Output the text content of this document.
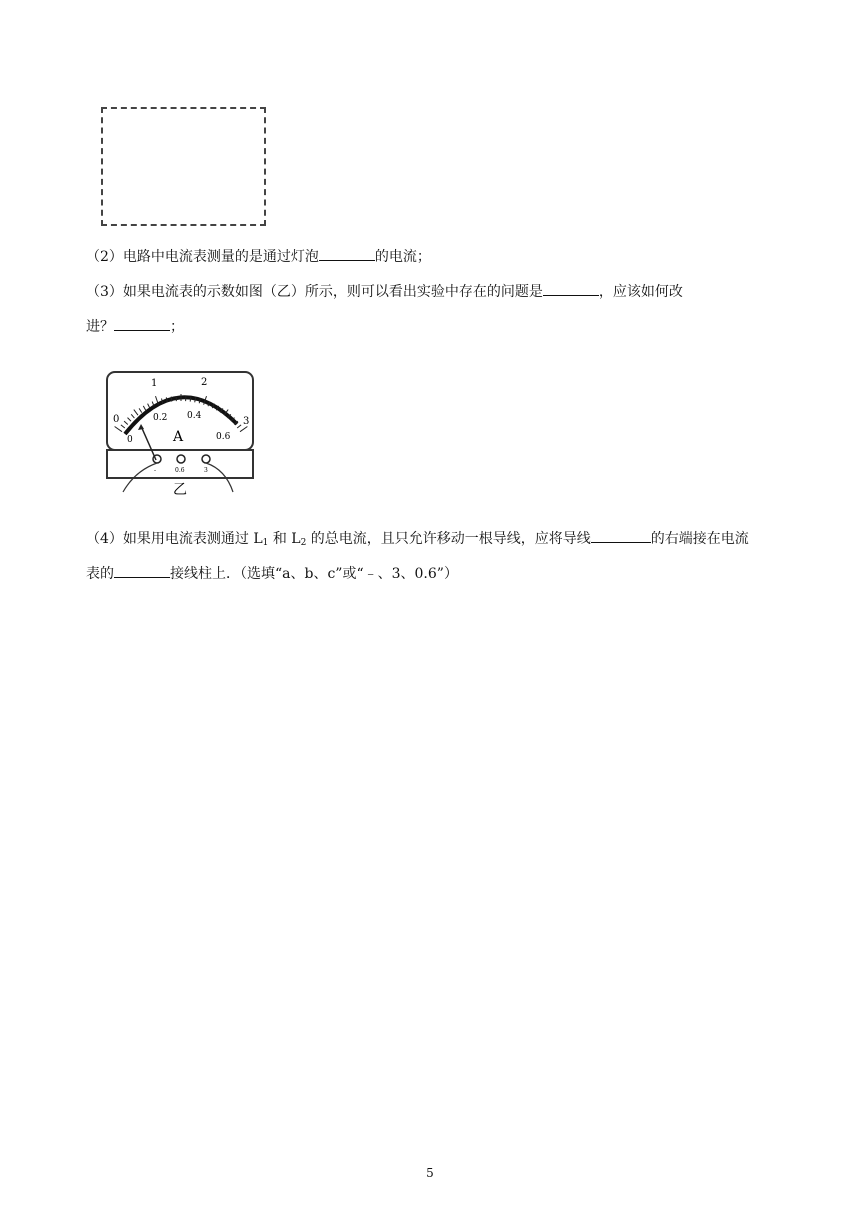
（2）电路中电流表测量的是通过灯泡	的电流；
（3）如果电流表的示数如图（乙）所示，则可以看出实验中存在的问题是	，应该如何改
进？	；
0
1	2
3
0
0.2 0.4
0.6
A
-	0.6	3
乙
（4）如果用电流表测通过 $L_1$ 和 $L_2$ 的总电流，且只允许移动一根导线，应将导线	的右端接在电流
表的	接线柱上．（选填“a、b、c”或“﹣、3、0.6”）
5
